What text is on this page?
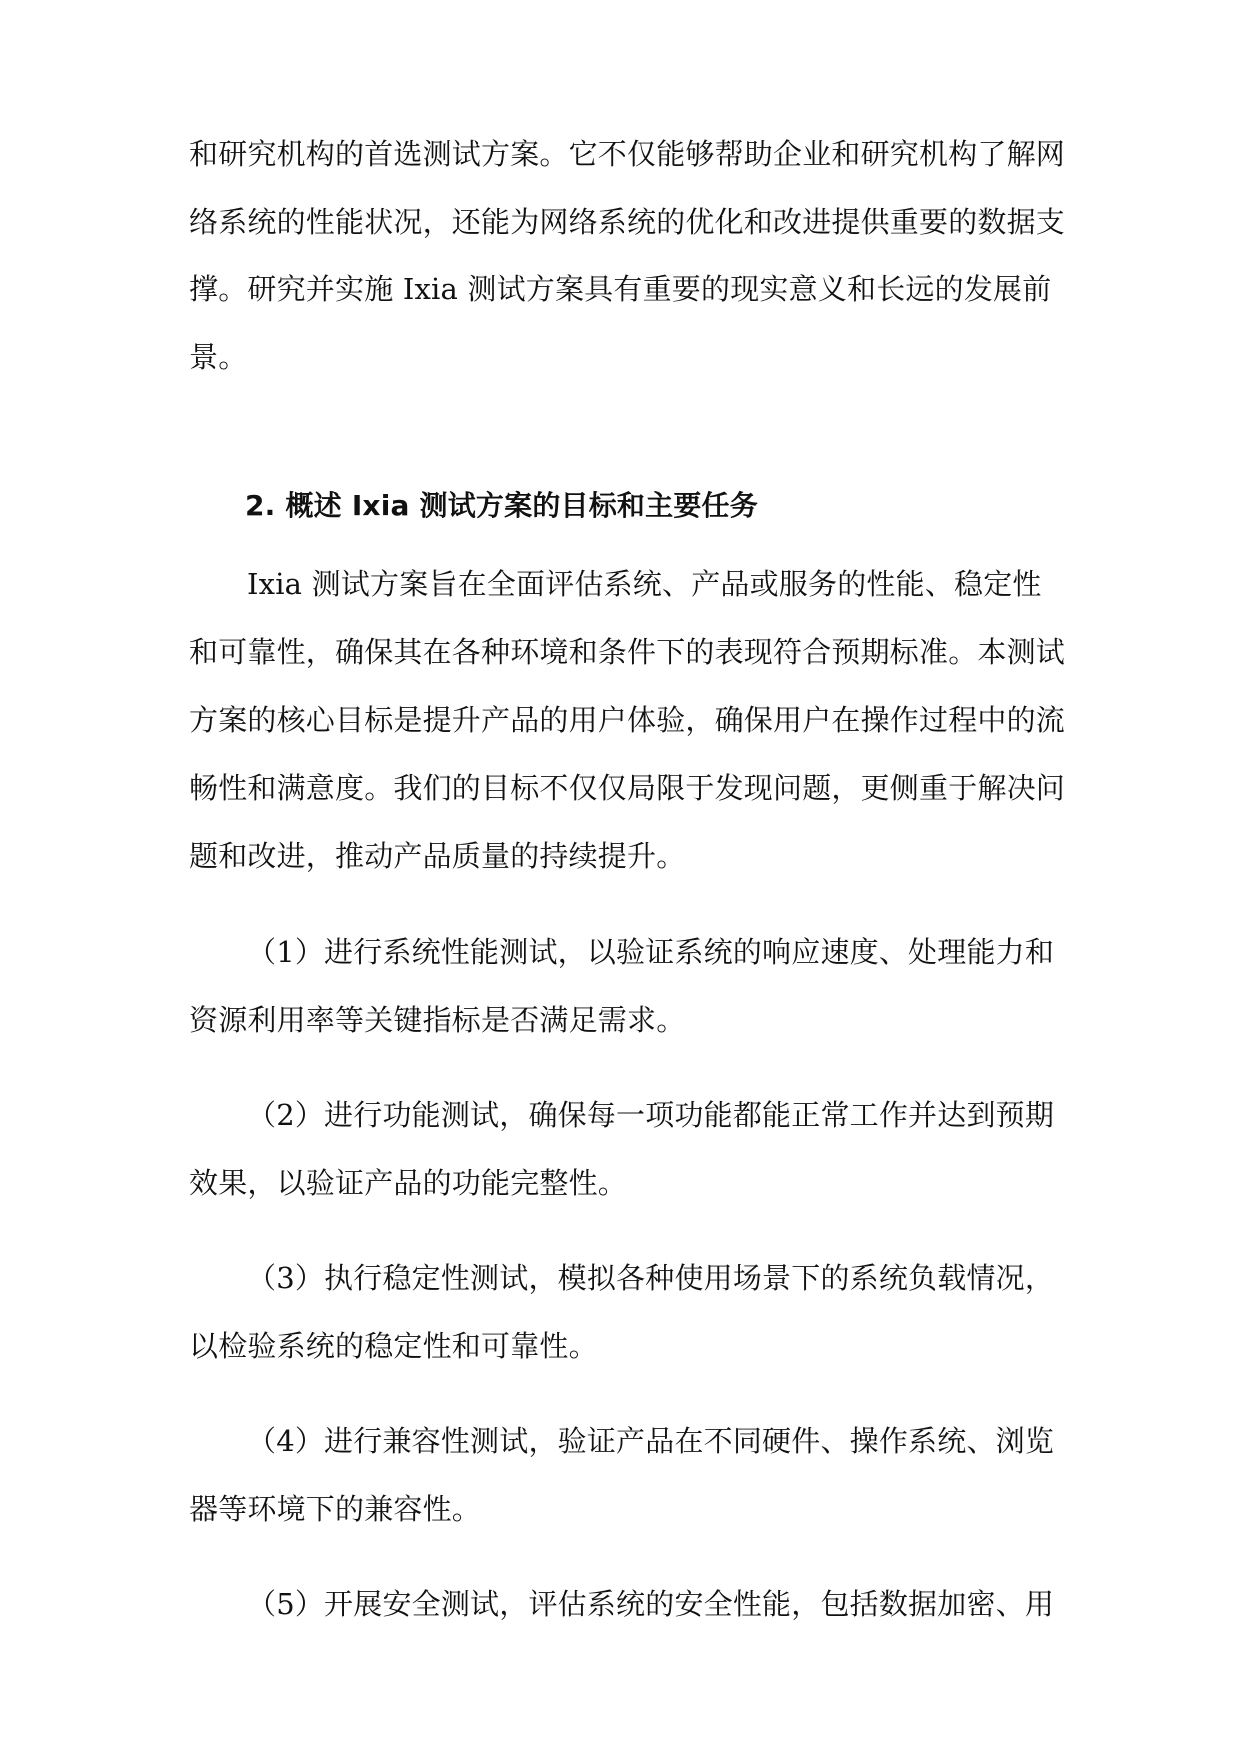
和研究机构的首选测试方案。它不仅能够帮助企业和研究机构了解网
络系统的性能状况，还能为网络系统的优化和改进提供重要的数据支
撑。研究并实施 Ixia 测试方案具有重要的现实意义和长远的发展前
景。
2. 概述 Ixia 测试方案的目标和主要任务
Ixia 测试方案旨在全面评估系统、产品或服务的性能、稳定性
和可靠性，确保其在各种环境和条件下的表现符合预期标准。本测试
方案的核心目标是提升产品的用户体验，确保用户在操作过程中的流
畅性和满意度。我们的目标不仅仅局限于发现问题，更侧重于解决问
题和改进，推动产品质量的持续提升。
（1）进行系统性能测试，以验证系统的响应速度、处理能力和
资源利用率等关键指标是否满足需求。
（2）进行功能测试，确保每一项功能都能正常工作并达到预期
效果，以验证产品的功能完整性。
（3）执行稳定性测试，模拟各种使用场景下的系统负载情况，
以检验系统的稳定性和可靠性。
（4）进行兼容性测试，验证产品在不同硬件、操作系统、浏览
器等环境下的兼容性。
（5）开展安全测试，评估系统的安全性能，包括数据加密、用
